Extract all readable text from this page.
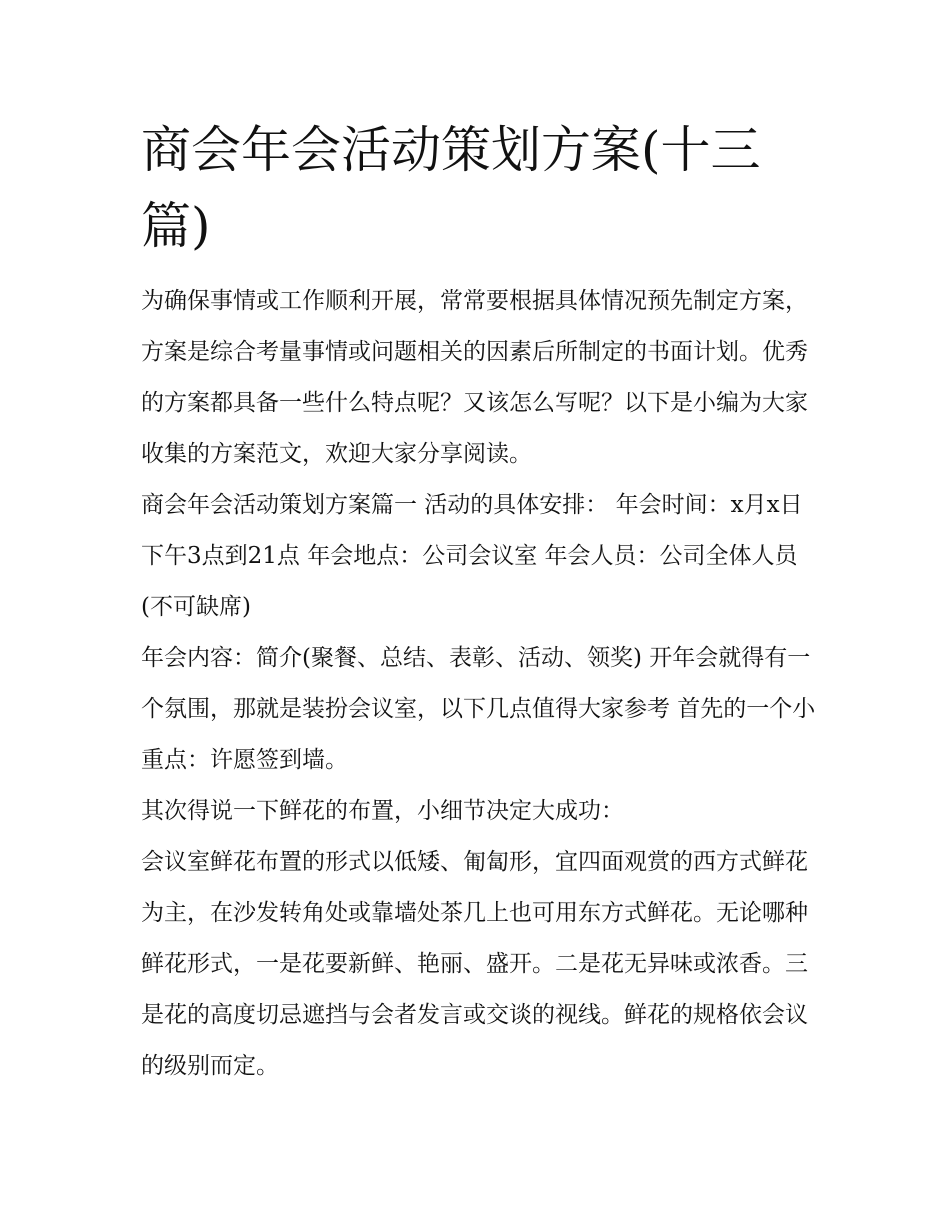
商会年会活动策划方案(十三篇)

为确保事情或工作顺利开展，常常要根据具体情况预先制定方案，方案是综合考量事情或问题相关的因素后所制定的书面计划。优秀的方案都具备一些什么特点呢？又该怎么写呢？以下是小编为大家收集的方案范文，欢迎大家分享阅读。

商会年会活动策划方案篇一 活动的具体安排： 年会时间：x月x日下午3点到21点 年会地点：公司会议室 年会人员：公司全体人员(不可缺席)

年会内容：简介(聚餐、总结、表彰、活动、领奖) 开年会就得有一个氛围，那就是装扮会议室，以下几点值得大家参考 首先的一个小重点：许愿签到墙。

其次得说一下鲜花的布置，小细节决定大成功：

会议室鲜花布置的形式以低矮、匍匐形，宜四面观赏的西方式鲜花为主，在沙发转角处或靠墙处茶几上也可用东方式鲜花。无论哪种鲜花形式，一是花要新鲜、艳丽、盛开。二是花无异味或浓香。三是花的高度切忌遮挡与会者发言或交谈的视线。鲜花的规格依会议的级别而定。
